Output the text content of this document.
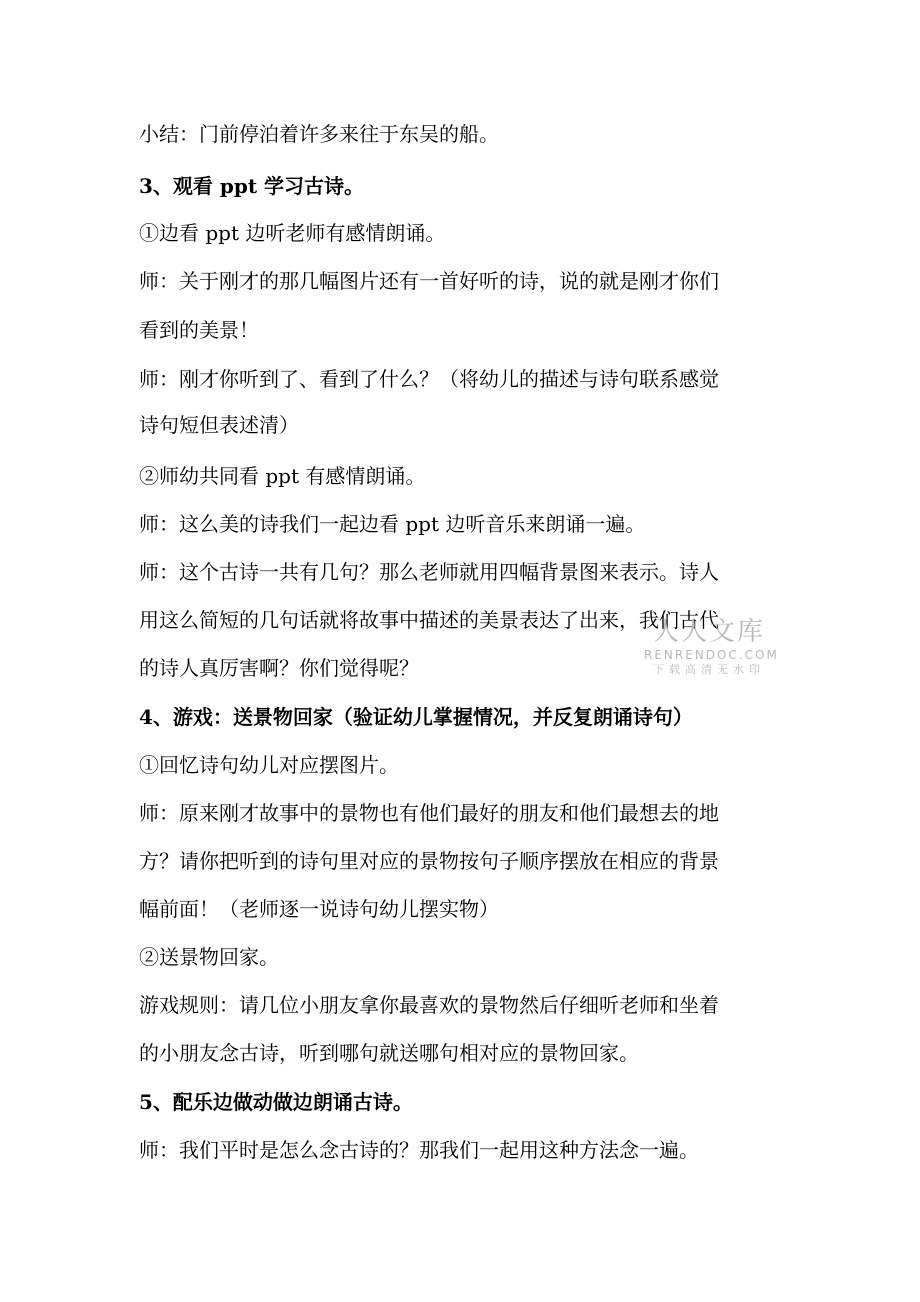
小结：门前停泊着许多来往于东吴的船。
3、观看 ppt 学习古诗。
①边看 ppt 边听老师有感情朗诵。
师：关于刚才的那几幅图片还有一首好听的诗，说的就是刚才你们
看到的美景！
师：刚才你听到了、看到了什么？（将幼儿的描述与诗句联系感觉
诗句短但表述清）
②师幼共同看 ppt 有感情朗诵。
师：这么美的诗我们一起边看 ppt 边听音乐来朗诵一遍。
师：这个古诗一共有几句？那么老师就用四幅背景图来表示。诗人
用这么简短的几句话就将故事中描述的美景表达了出来，我们古代
的诗人真厉害啊？你们觉得呢？
4、游戏：送景物回家（验证幼儿掌握情况，并反复朗诵诗句）
①回忆诗句幼儿对应摆图片。
师：原来刚才故事中的景物也有他们最好的朋友和他们最想去的地
方？请你把听到的诗句里对应的景物按句子顺序摆放在相应的背景
幅前面！（老师逐一说诗句幼儿摆实物）
②送景物回家。
游戏规则：请几位小朋友拿你最喜欢的景物然后仔细听老师和坐着
的小朋友念古诗，听到哪句就送哪句相对应的景物回家。
5、配乐边做动做边朗诵古诗。
师：我们平时是怎么念古诗的？那我们一起用这种方法念一遍。
人人文库
RENRENDOC.COM
下载高清无水印
